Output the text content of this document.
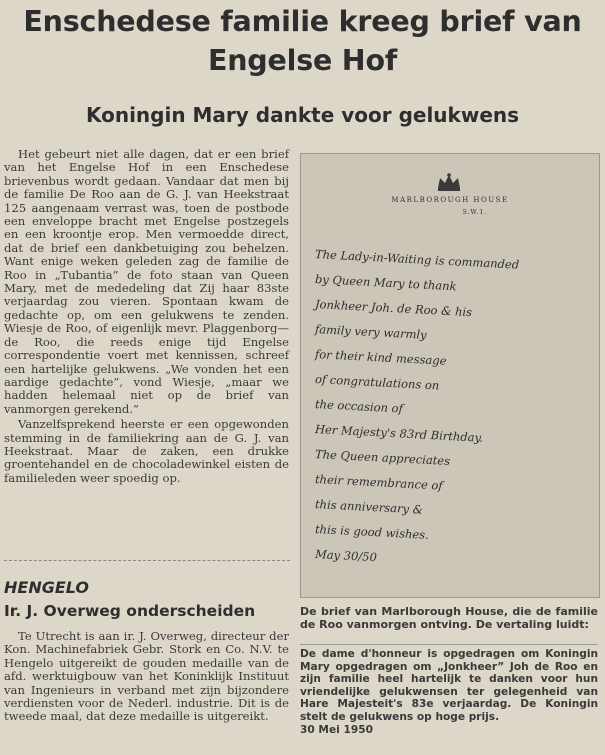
Enschedese familie kreeg brief van
Engelse Hof
Koningin Mary dankte voor gelukwens

Het gebeurt niet alle dagen, dat er een brief van het Engelse Hof in een Enschedese brievenbus wordt gedaan. Vandaar dat men bij de familie De Roo aan de G. J. van Heekstraat 125 aangenaam verrast was, toen de postbode een enveloppe bracht met Engelse postzegels en een kroontje erop. Men vermoedde direct, dat de brief een dankbetuiging zou behelzen. Want enige weken geleden zag de familie de Roo in „Tubantia” de foto staan van Queen Mary, met de mededeling dat Zij haar 83ste verjaardag zou vieren. Spontaan kwam de gedachte op, om een gelukwens te zenden. Wiesje de Roo, of eigenlijk mevr. Plaggenborg—de Roo, die reeds enige tijd Engelse correspondentie voert met kennissen, schreef een hartelijke gelukwens. „We vonden het een aardige gedachte”, vond Wiesje, „maar we hadden helemaal niet op de brief van vanmorgen gerekend.”

Vanzelfsprekend heerste er een opgewonden stemming in de familiekring aan de G. J. van Heekstraat. Maar de zaken, een drukke groentehandel en de chocoladewinkel eisten de familieleden weer spoedig op.

HENGELO
Ir. J. Overweg onderscheiden

Te Utrecht is aan ir. J. Overweg, directeur der Kon. Machinefabriek Gebr. Stork en Co. N.V. te Hengelo uitgereikt de gouden medaille van de afd. werktuigbouw van het Koninklijk Instituut van Ingenieurs in verband met zijn bijzondere verdiensten voor de Nederl. industrie. Dit is de tweede maal, dat deze medaille is uitgereikt.

MARLBOROUGH HOUSE
S.W.1.
The Lady-in-Waiting is commanded
by Queen Mary to thank
Jonkheer Joh. de Roo & his
family very warmly
for their kind message
of congratulations on
the occasion of
Her Majesty's 83rd Birthday.
The Queen appreciates
their remembrance of
this anniversary &
this is good wishes.
May 30/50
De brief van Marlborough House, die de familie de Roo vanmorgen ontving. De vertaling luidt:
De dame d'honneur is opgedragen om Koningin Mary opgedragen om „Jonkheer” Joh de Roo en zijn familie heel hartelijk te danken voor hun vriendelijke gelukwensen ter gelegenheid van Hare Majesteit's 83e verjaardag. De Koningin stelt de gelukwens op hoge prijs.
30 Mei 1950
